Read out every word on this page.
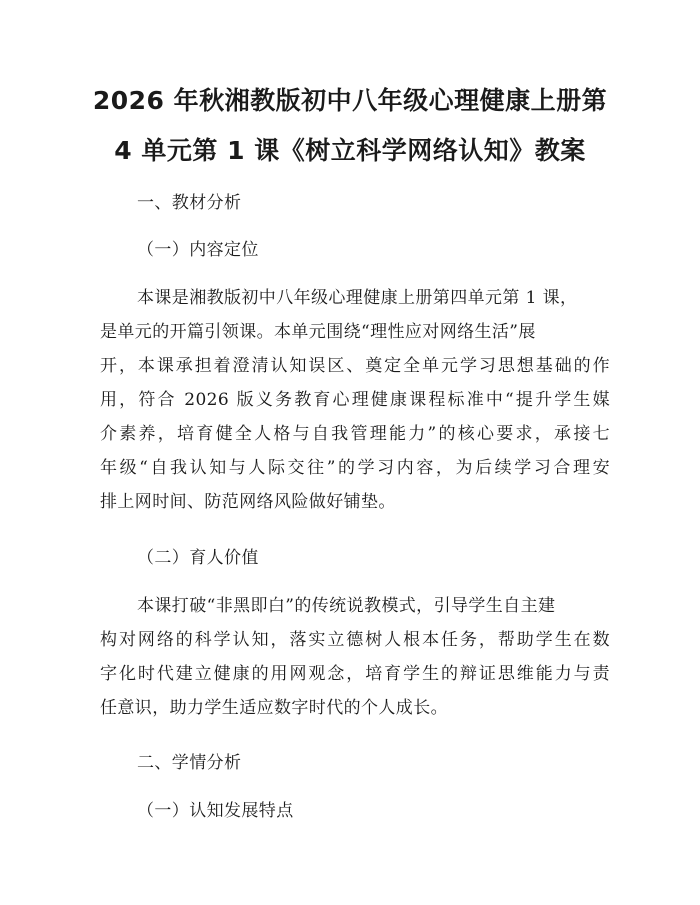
2026 年秋湘教版初中八年级心理健康上册第
4 单元第 1 课《树立科学网络认知》教案
一、教材分析
（一）内容定位
本课是湘教版初中八年级心理健康上册第四单元第 1 课，
是单元的开篇引领课。本单元围绕“理性应对网络生活”展
开，本课承担着澄清认知误区、奠定全单元学习思想基础的作
用，符合 2026 版义务教育心理健康课程标准中“提升学生媒
介素养，培育健全人格与自我管理能力”的核心要求，承接七
年级“自我认知与人际交往”的学习内容，为后续学习合理安
排上网时间、防范网络风险做好铺垫。
（二）育人价值
本课打破“非黑即白”的传统说教模式，引导学生自主建
构对网络的科学认知，落实立德树人根本任务，帮助学生在数
字化时代建立健康的用网观念，培育学生的辩证思维能力与责
任意识，助力学生适应数字时代的个人成长。
二、学情分析
（一）认知发展特点
